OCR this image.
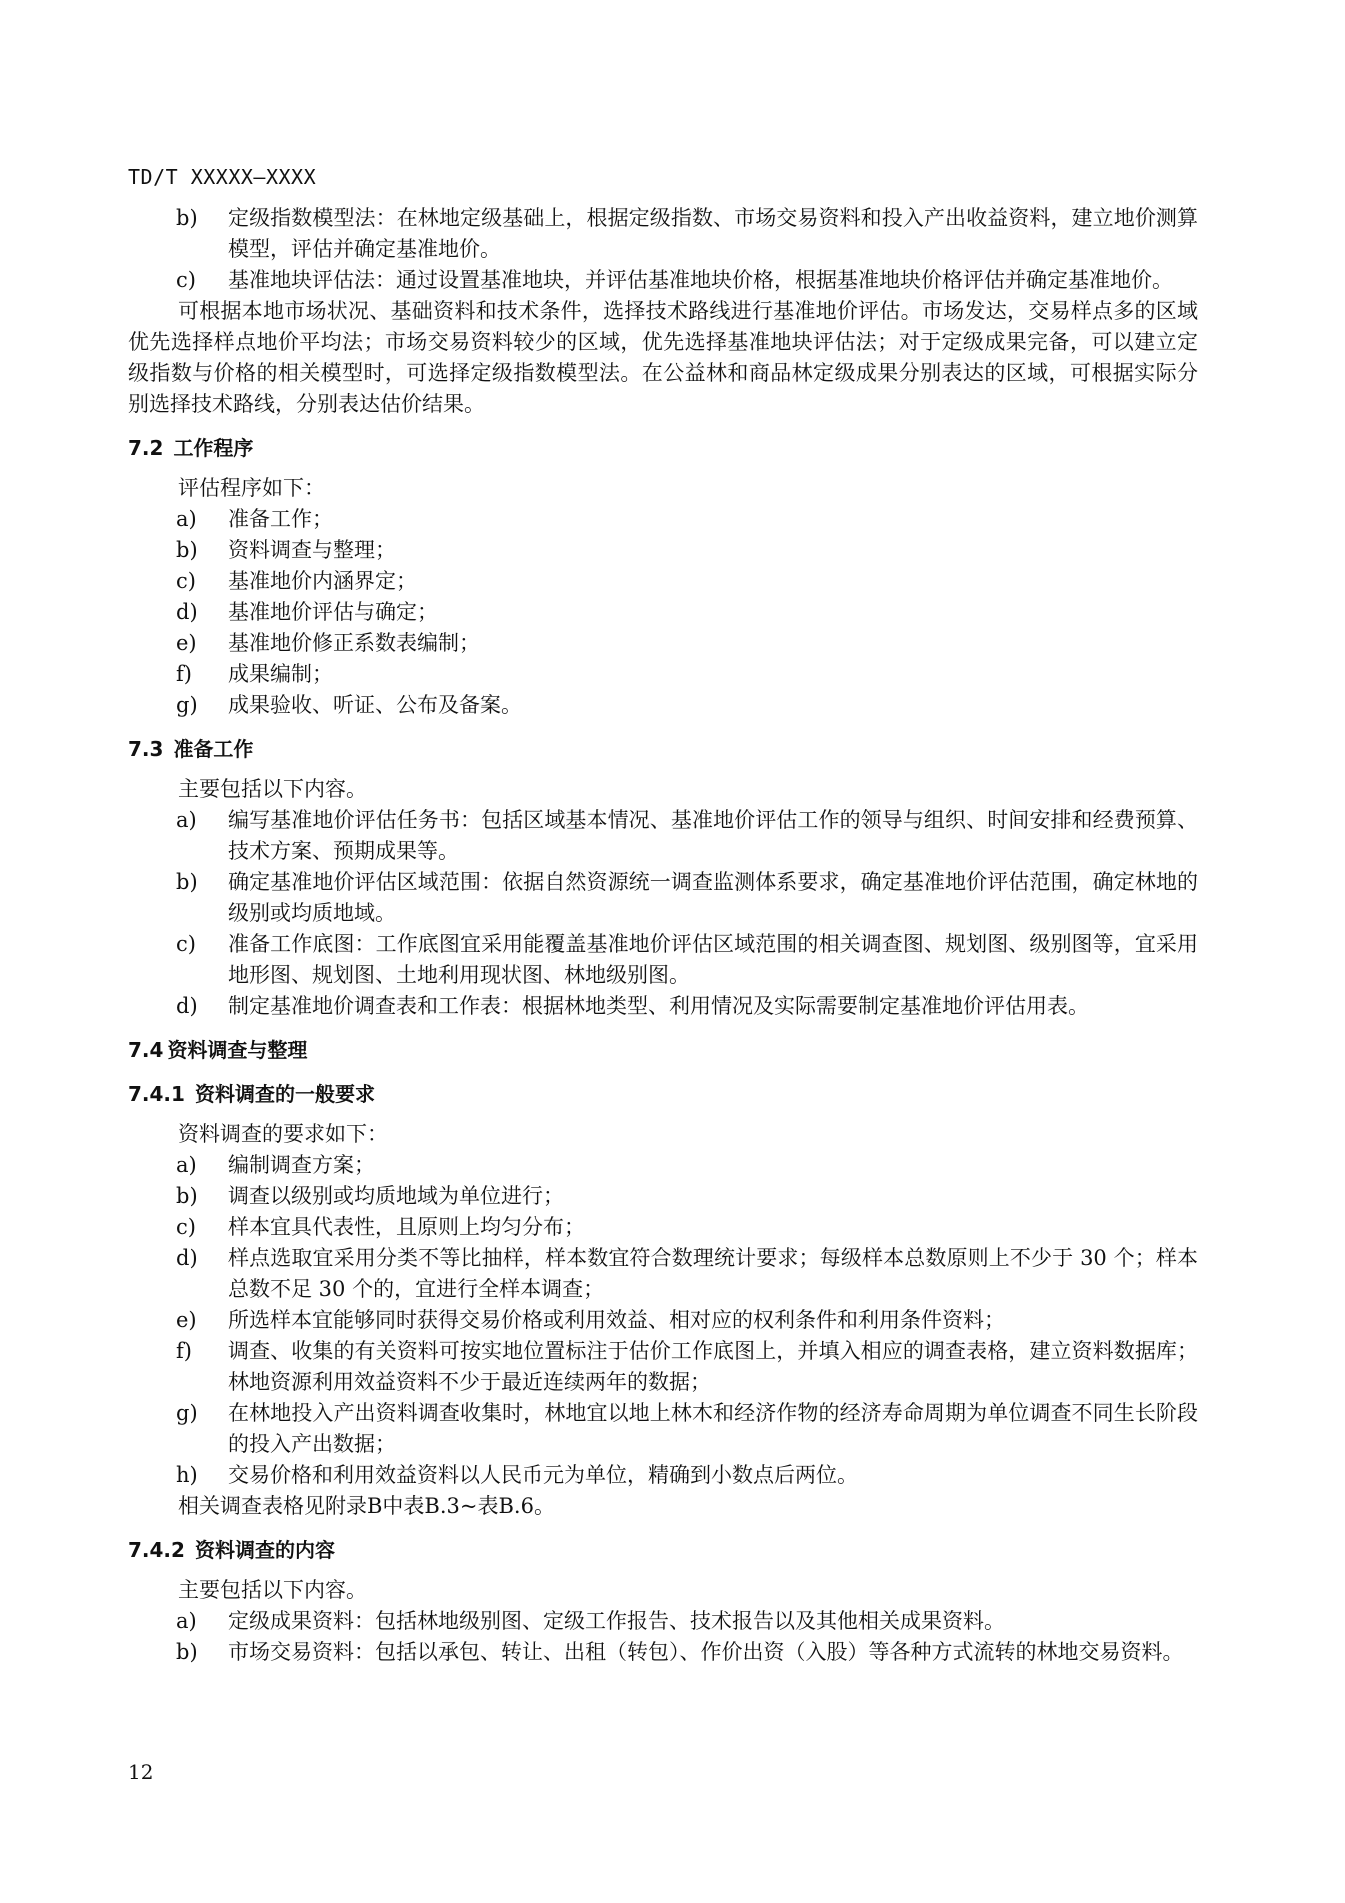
TD/T XXXXX—XXXX
b)	定级指数模型法：在林地定级基础上，根据定级指数、市场交易资料和投入产出收益资料，建立地价测算模型，评估并确定基准地价。
c)	基准地块评估法：通过设置基准地块，并评估基准地块价格，根据基准地块价格评估并确定基准地价。
可根据本地市场状况、基础资料和技术条件，选择技术路线进行基准地价评估。市场发达，交易样点多的区域优先选择样点地价平均法；市场交易资料较少的区域，优先选择基准地块评估法；对于定级成果完备，可以建立定级指数与价格的相关模型时，可选择定级指数模型法。在公益林和商品林定级成果分别表达的区域，可根据实际分别选择技术路线，分别表达估价结果。
7.2 工作程序
评估程序如下：
a)	准备工作；
b)	资料调查与整理；
c)	基准地价内涵界定；
d)	基准地价评估与确定；
e)	基准地价修正系数表编制；
f)	成果编制；
g)	成果验收、听证、公布及备案。
7.3 准备工作
主要包括以下内容。
a)	编写基准地价评估任务书：包括区域基本情况、基准地价评估工作的领导与组织、时间安排和经费预算、技术方案、预期成果等。
b)	确定基准地价评估区域范围：依据自然资源统一调查监测体系要求，确定基准地价评估范围，确定林地的级别或均质地域。
c)	准备工作底图：工作底图宜采用能覆盖基准地价评估区域范围的相关调查图、规划图、级别图等，宜采用地形图、规划图、土地利用现状图、林地级别图。
d)	制定基准地价调查表和工作表：根据林地类型、利用情况及实际需要制定基准地价评估用表。
7.4 资料调查与整理
7.4.1 资料调查的一般要求
资料调查的要求如下：
a)	编制调查方案；
b)	调查以级别或均质地域为单位进行；
c)	样本宜具代表性，且原则上均匀分布；
d)	样点选取宜采用分类不等比抽样，样本数宜符合数理统计要求；每级样本总数原则上不少于 30 个；样本总数不足 30 个的，宜进行全样本调查；
e)	所选样本宜能够同时获得交易价格或利用效益、相对应的权利条件和利用条件资料；
f)	调查、收集的有关资料可按实地位置标注于估价工作底图上，并填入相应的调查表格，建立资料数据库；林地资源利用效益资料不少于最近连续两年的数据；
g)	在林地投入产出资料调查收集时，林地宜以地上林木和经济作物的经济寿命周期为单位调查不同生长阶段的投入产出数据；
h)	交易价格和利用效益资料以人民币元为单位，精确到小数点后两位。
相关调查表格见附录B中表B.3~表B.6。
7.4.2 资料调查的内容
主要包括以下内容。
a)	定级成果资料：包括林地级别图、定级工作报告、技术报告以及其他相关成果资料。
b)	市场交易资料：包括以承包、转让、出租（转包）、作价出资（入股）等各种方式流转的林地交易资料。
12
